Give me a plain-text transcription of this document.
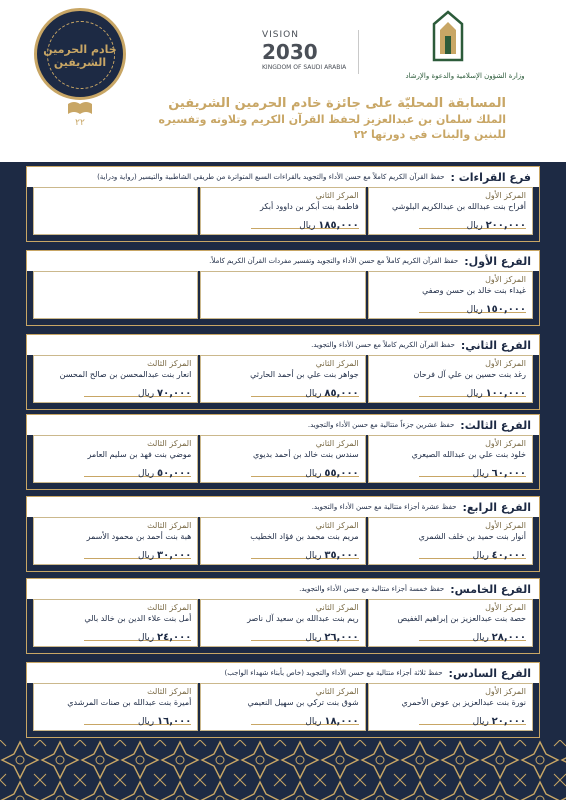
خادم الحرمين الشريفين
٢٢
VISION
2030
KINGDOM OF SAUDI ARABIA
وزارة الشؤون الإسلامية والدعوة والإرشاد
المسابقة المحليّة على جائزة خادم الحرمين الشريفين
الملك سلمان بن عبدالعزيز لحفظ القرآن الكريم وتلاوته وتفسيره
للبنين والبنات في دورتها ٢٢
فرع القراءات :
حفظ القرآن الكريم كاملاً مع حسن الأداء والتجويد بالقراءات السبع المتواترة من طريقي الشاطبية والتيسير (رواية ودراية)
المركز الأول
أفراح بنت عبدالله بن عبدالكريم البلوشي
٢٠٠,٠٠٠ ريال
المركز الثاني
فاطمة بنت أبكر بن داوود أبكر
١٨٥,٠٠٠ ريال
الفرع الأول:
حفظ القرآن الكريم كاملاً مع حسن الأداء والتجويد وتفسير مفردات القرآن الكريم كاملاً.
المركز الأول
غيداء بنت خالد بن حسن وصفي
١٥٠,٠٠٠ ريال
الفرع الثاني:
حفظ القرآن الكريم كاملاً مع حسن الأداء والتجويد.
المركز الأول
رغد بنت حسين بن علي آل فرحان
١٠٠,٠٠٠ ريال
المركز الثاني
جواهر بنت علي بن أحمد الحارثي
٨٥,٠٠٠ ريال
المركز الثالث
انعار بنت عبدالمحسن بن صالح المحسن
٧٠,٠٠٠ ريال
الفرع الثالث:
حفظ عشرين جزءاً متتالية مع حسن الأداء والتجويد.
المركز الأول
خلود بنت علي بن عبدالله الصيعري
٦٠,٠٠٠ ريال
المركز الثاني
سندس بنت خالد بن أحمد بديوي
٥٥,٠٠٠ ريال
المركز الثالث
موضي بنت فهد بن سليم العامر
٥٠,٠٠٠ ريال
الفرع الرابع:
حفظ عشرة أجزاء متتالية مع حسن الأداء والتجويد.
المركز الأول
أنوار بنت حميد بن خلف الشمري
٤٠,٠٠٠ ريال
المركز الثاني
مريم بنت محمد بن فؤاد الخطيب
٣٥,٠٠٠ ريال
المركز الثالث
هبة بنت أحمد بن محمود الأسمر
٣٠,٠٠٠ ريال
الفرع الخامس:
حفظ خمسة أجزاء متتالية مع حسن الأداء والتجويد.
المركز الأول
حصة بنت عبدالعزيز بن إبراهيم الغفيص
٢٨,٠٠٠ ريال
المركز الثاني
ريم بنت عبدالله بن سعيد آل ناصر
٢٦,٠٠٠ ريال
المركز الثالث
أمل بنت علاء الدين بن خالد بالي
٢٤,٠٠٠ ريال
الفرع السادس:
حفظ ثلاثة أجزاء متتالية مع حسن الأداء والتجويد (خاص بأبناء شهداء الواجب)
المركز الأول
نورة بنت عبدالعزيز بن عوض الأحمري
٢٠,٠٠٠ ريال
المركز الثاني
شوق بنت تركي بن سهيل النعيمي
١٨,٠٠٠ ريال
المركز الثالث
أميرة بنت عبدالله بن صنات المرشدي
١٦,٠٠٠ ريال
